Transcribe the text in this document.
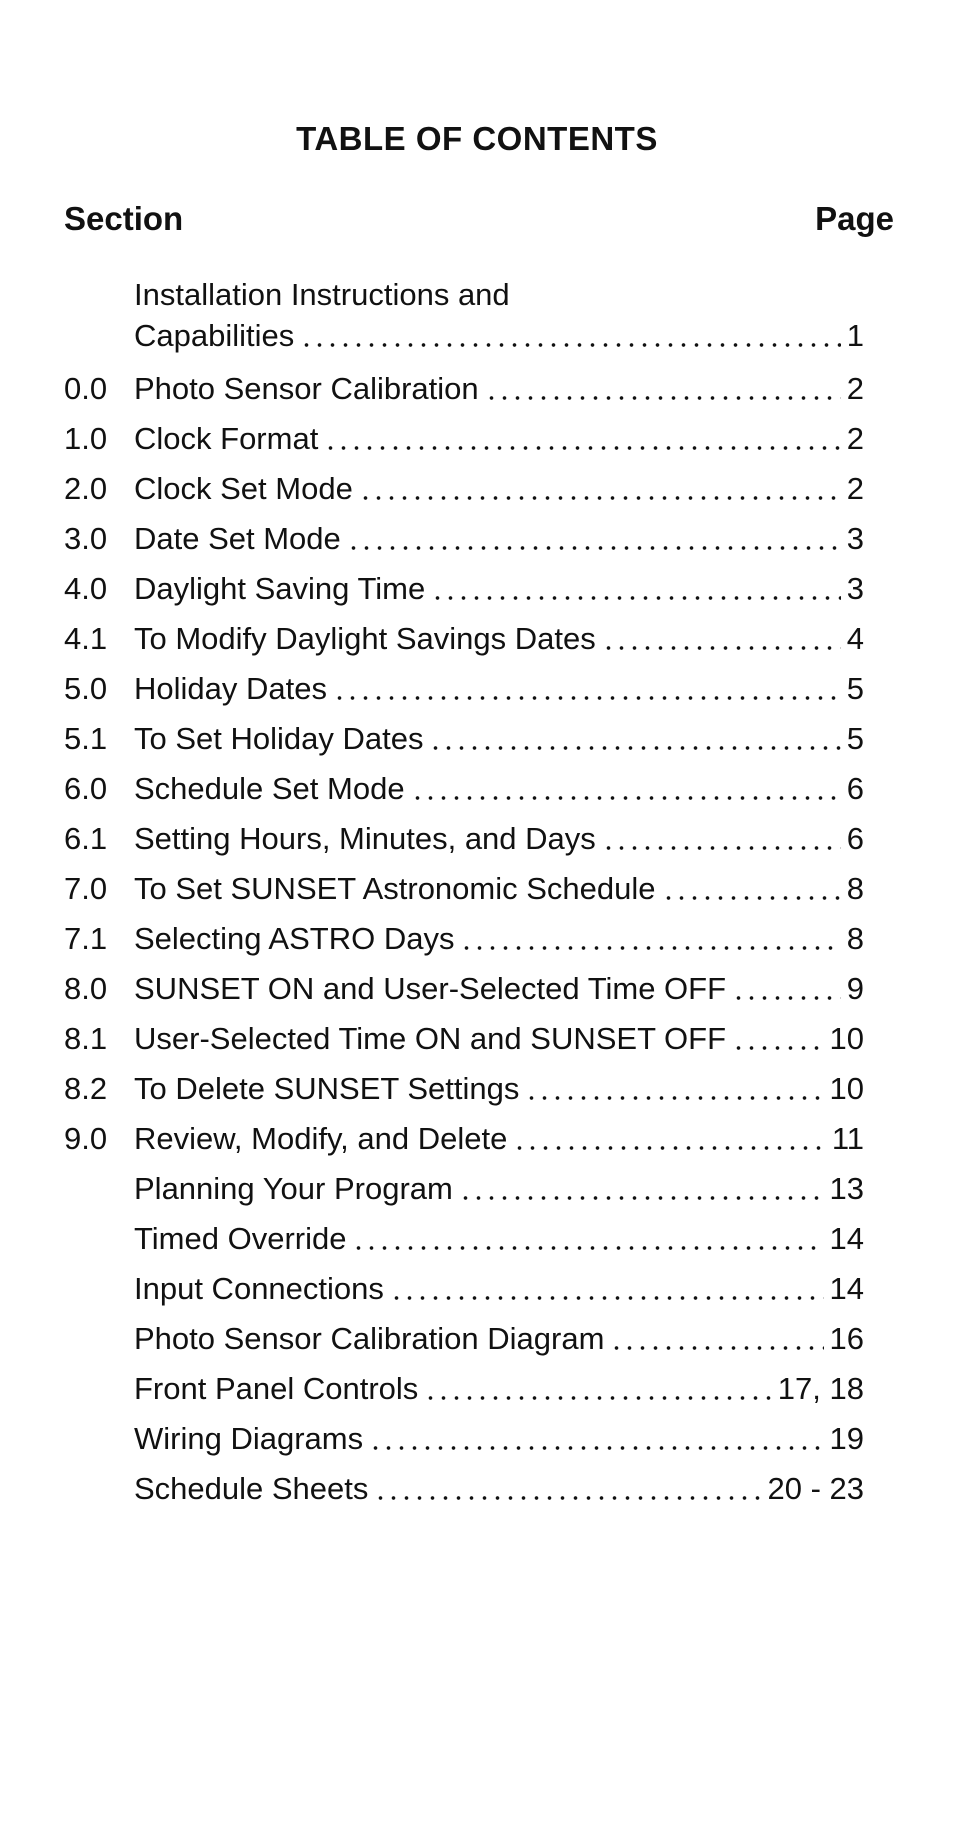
TABLE OF CONTENTS
Section	Page
Installation Instructions and
Capabilities	1
0.0 Photo Sensor Calibration	2
1.0 Clock Format	2
2.0 Clock Set Mode	2
3.0 Date Set Mode	3
4.0 Daylight Saving Time	3
4.1 To Modify Daylight Savings Dates	4
5.0 Holiday Dates	5
5.1 To Set Holiday Dates	5
6.0 Schedule Set Mode	6
6.1 Setting Hours, Minutes, and Days	6
7.0 To Set SUNSET Astronomic Schedule	8
7.1 Selecting ASTRO Days	8
8.0 SUNSET ON and User-Selected Time OFF	9
8.1 User-Selected Time ON and SUNSET OFF	10
8.2 To Delete SUNSET Settings	10
9.0 Review, Modify, and Delete	11
Planning Your Program	13
Timed Override	14
Input Connections	14
Photo Sensor Calibration Diagram	16
Front Panel Controls	17, 18
Wiring Diagrams	19
Schedule Sheets	20 - 23
